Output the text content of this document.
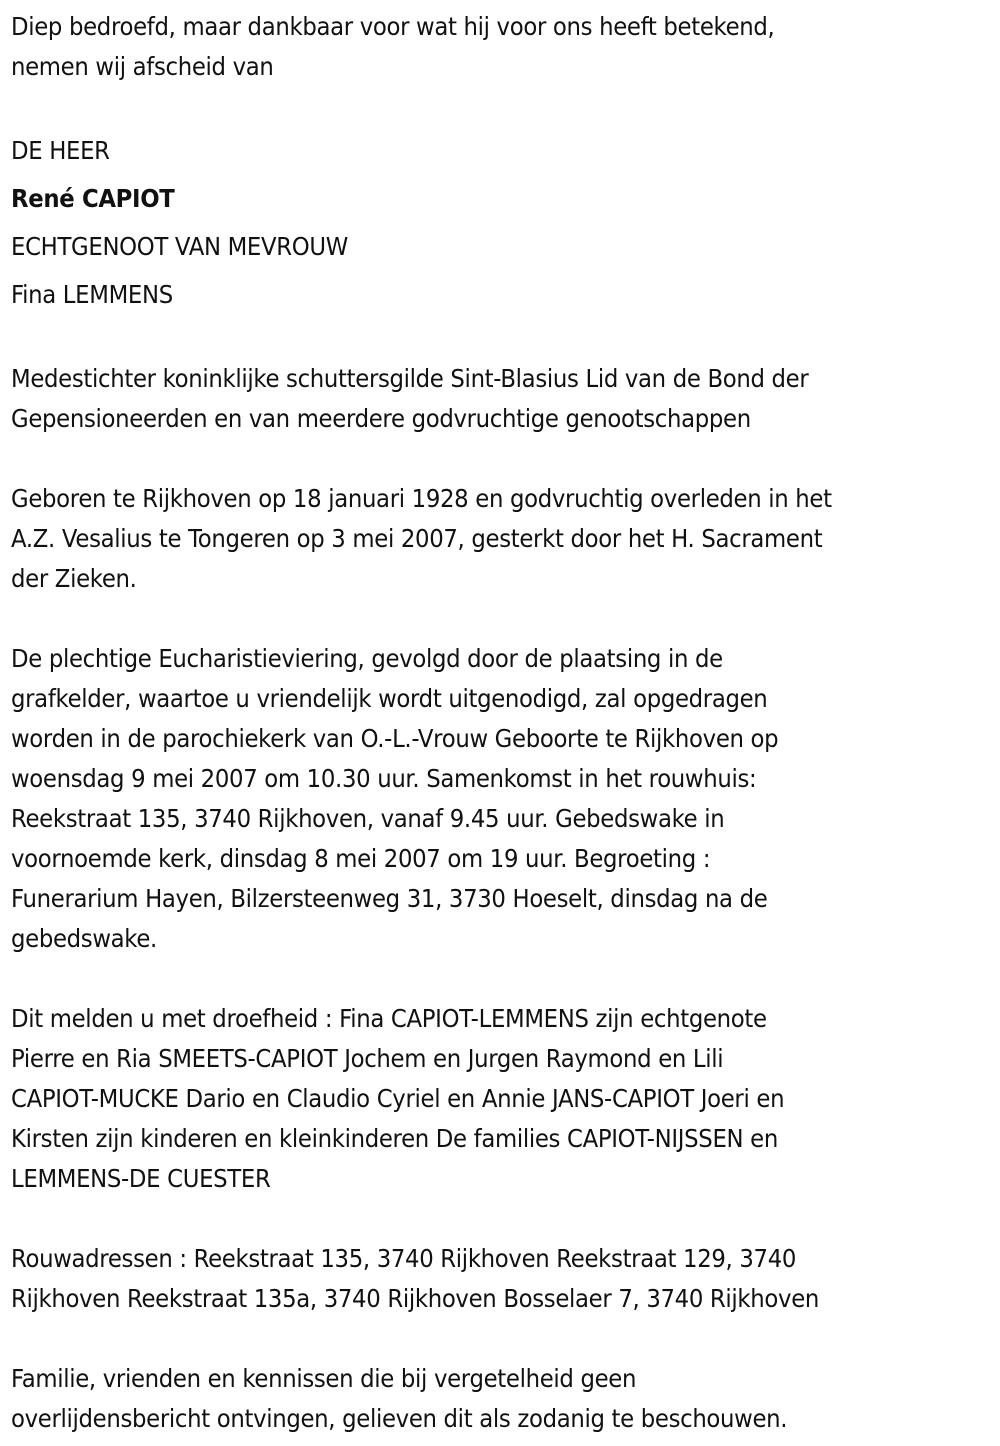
Diep bedroefd, maar dankbaar voor wat hij voor ons heeft betekend,
nemen wij afscheid van
DE HEER
René CAPIOT
ECHTGENOOT VAN MEVROUW
Fina LEMMENS
Medestichter koninklijke schuttersgilde Sint-Blasius Lid van de Bond der
Gepensioneerden en van meerdere godvruchtige genootschappen
Geboren te Rijkhoven op 18 januari 1928 en godvruchtig overleden in het
A.Z. Vesalius te Tongeren op 3 mei 2007, gesterkt door het H. Sacrament
der Zieken.
De plechtige Eucharistieviering, gevolgd door de plaatsing in de
grafkelder, waartoe u vriendelijk wordt uitgenodigd, zal opgedragen
worden in de parochiekerk van O.-L.-Vrouw Geboorte te Rijkhoven op
woensdag 9 mei 2007 om 10.30 uur. Samenkomst in het rouwhuis:
Reekstraat 135, 3740 Rijkhoven, vanaf 9.45 uur. Gebedswake in
voornoemde kerk, dinsdag 8 mei 2007 om 19 uur. Begroeting :
Funerarium Hayen, Bilzersteenweg 31, 3730 Hoeselt, dinsdag na de
gebedswake.
Dit melden u met droefheid : Fina CAPIOT-LEMMENS zijn echtgenote
Pierre en Ria SMEETS-CAPIOT Jochem en Jurgen Raymond en Lili
CAPIOT-MUCKE Dario en Claudio Cyriel en Annie JANS-CAPIOT Joeri en
Kirsten zijn kinderen en kleinkinderen De families CAPIOT-NIJSSEN en
LEMMENS-DE CUESTER
Rouwadressen : Reekstraat 135, 3740 Rijkhoven Reekstraat 129, 3740
Rijkhoven Reekstraat 135a, 3740 Rijkhoven Bosselaer 7, 3740 Rijkhoven
Familie, vrienden en kennissen die bij vergetelheid geen
overlijdensbericht ontvingen, gelieven dit als zodanig te beschouwen.
